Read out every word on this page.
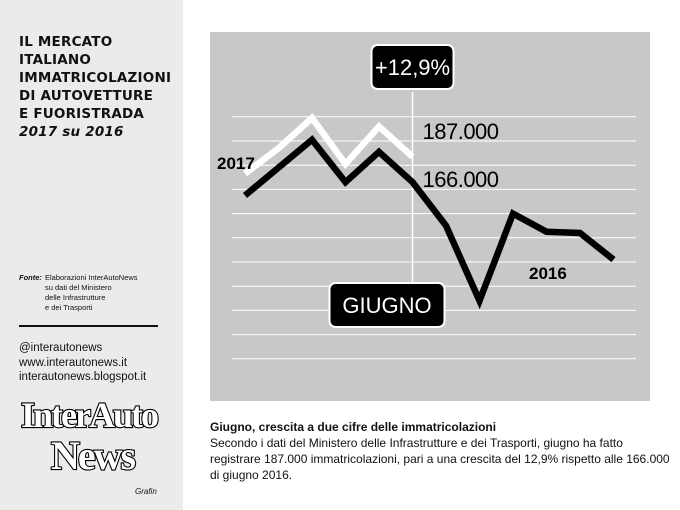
IL MERCATO
ITALIANO
IMMATRICOLAZIONI
DI AUTOVETTURE
E FUORISTRADA
2017 su 2016
Fonte: Elaborazioni InterAutoNews
su dati del Ministero
delle Infrastrutture
e dei Trasporti
@interautonews
www.interautonews.it
interautonews.blogspot.it
InterAuto
News
Grafin
+12,9%
GIUGNO
187.000
166.000
2017
2016
Giugno, crescita a due cifre delle immatricolazioni
Secondo i dati del Ministero delle Infrastrutture e dei Trasporti, giugno ha fatto registrare 187.000 immatricolazioni, pari a una crescita del 12,9% rispetto alle 166.000 di giugno 2016.
